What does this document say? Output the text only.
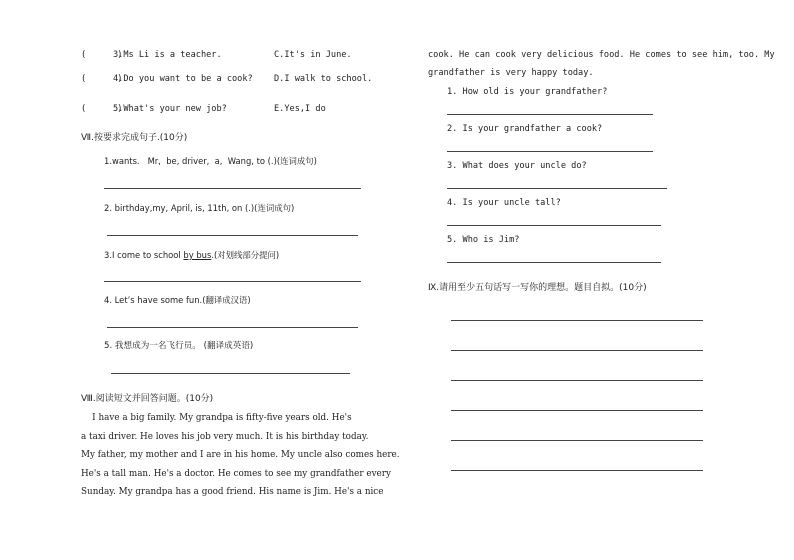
(      )
3.Ms Li is a teacher.	C.It's in June.
(      )
4.Do you want to be a cook? D.I walk to school.
(      )
5.What's your new job?	E.Yes,I do
Ⅶ.按要求完成句子.(10分)
1.wants.   Mr,  be, driver,  a,  Wang, to (.)(连词成句)
2. birthday,my, April, is, 11th, on (.)(连词成句)
3.I come to school by bus.(对划线部分提问)
4. Let’s have some fun.(翻译成汉语)
5. 我想成为一名飞行员。 (翻译成英语)
Ⅷ.阅读短文并回答问题。(10分)
I have a big family. My grandpa is fifty-five years old. He's
a taxi driver. He loves his job very much. It is his birthday today.
My father, my mother and I are in his home. My uncle also comes here.
He's a tall man. He's a doctor. He comes to see my grandfather every
Sunday. My grandpa has a good friend. His name is Jim. He's a nice
cook. He can cook very delicious food. He comes to see him, too. My
grandfather is very happy today.
1. How old is your grandfather?
2. Is your grandfather a cook?
3. What does your uncle do?
4. Is your uncle tall?
5. Who is Jim?
Ⅸ.请用至少五句话写一写你的理想。题目自拟。(10分)
